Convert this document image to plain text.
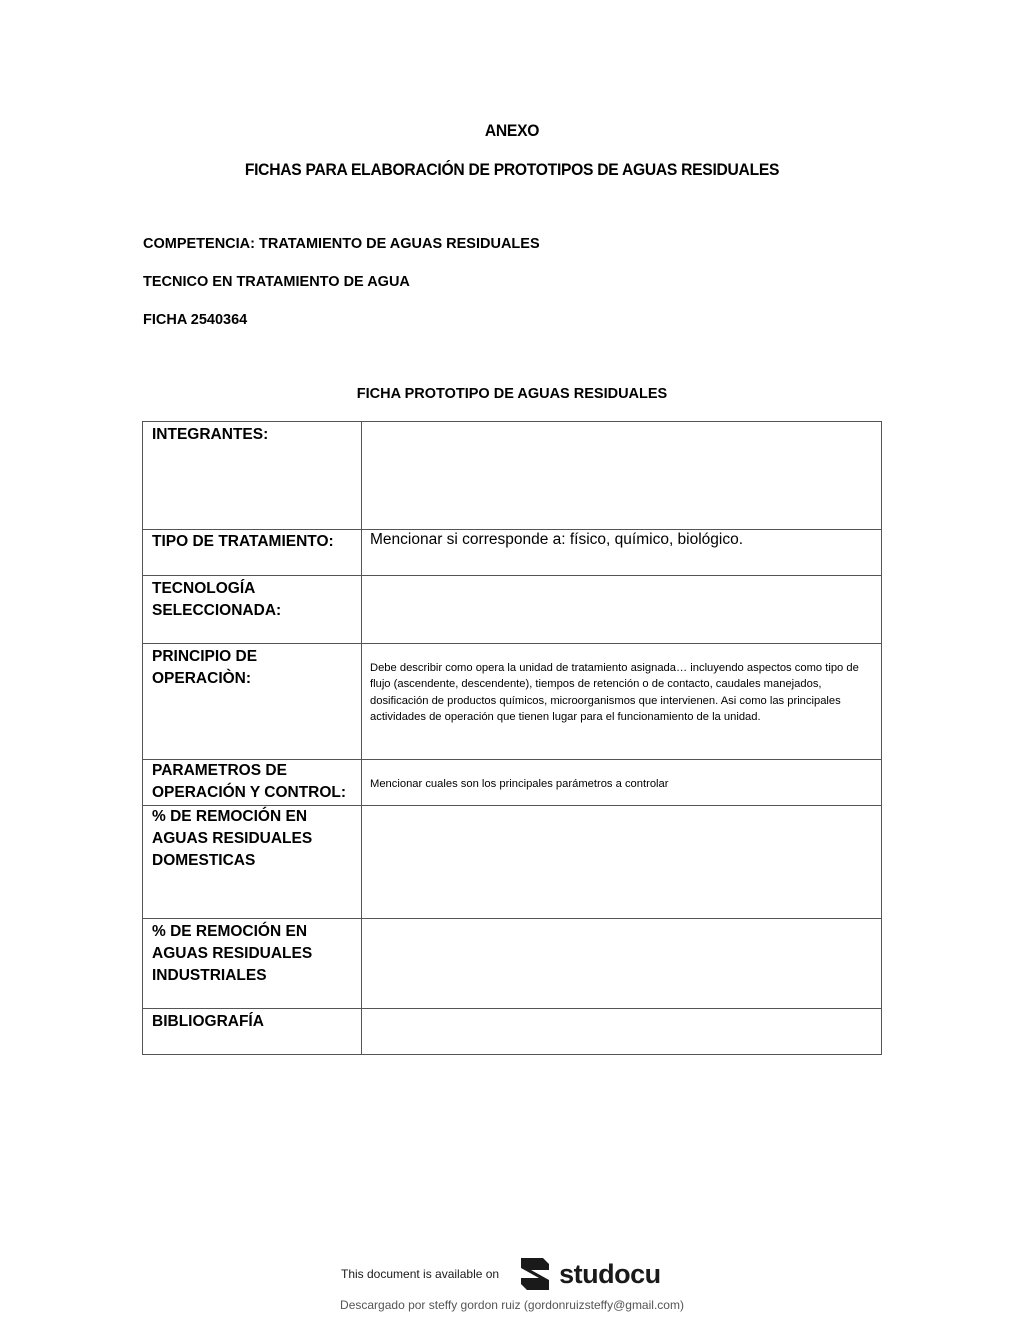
ANEXO
FICHAS PARA ELABORACIÓN DE PROTOTIPOS DE AGUAS RESIDUALES
COMPETENCIA: TRATAMIENTO DE AGUAS RESIDUALES
TECNICO EN TRATAMIENTO DE AGUA
FICHA 2540364
FICHA PROTOTIPO DE AGUAS RESIDUALES
INTEGRANTES:	

TIPO DE TRATAMIENTO:	Mencionar si corresponde a: físico, químico, biológico.

TECNOLOGÍA SELECCIONADA:	

PRINCIPIO DE OPERACIÒN:	Debe describir como opera la unidad de tratamiento asignada… incluyendo aspectos como tipo de flujo (ascendente, descendente), tiempos de retención o de contacto, caudales manejados, dosificación de productos químicos, microorganismos que intervienen. Asi como las principales actividades de operación que tienen lugar para el funcionamiento de la unidad.

PARAMETROS DE OPERACIÓN Y CONTROL:	Mencionar cuales son los principales parámetros a controlar

% DE REMOCIÓN EN AGUAS RESIDUALES DOMESTICAS	

% DE REMOCIÓN EN AGUAS RESIDUALES INDUSTRIALES	

BIBLIOGRAFÍA	
This document is available on studocu
Descargado por steffy gordon ruiz (gordonruizsteffy@gmail.com)
